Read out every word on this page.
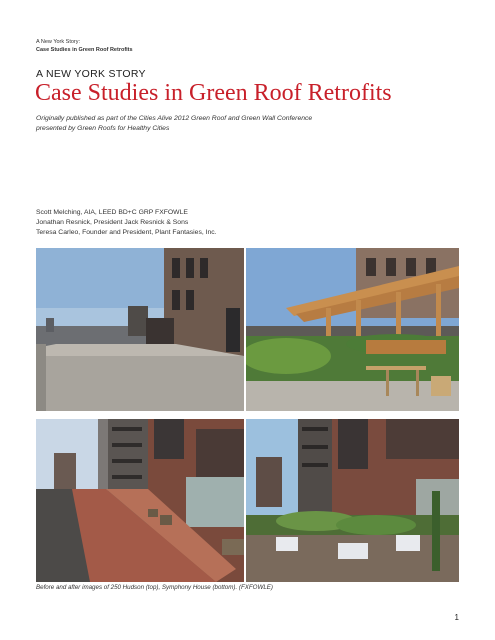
A New York Story:
Case Studies in Green Roof Retrofits
A NEW YORK STORY
Case Studies in Green Roof Retrofits
Originally published as part of the Cities Alive 2012 Green Roof and Green Wall Conference
presented by Green Roofs for Healthy Cities
Scott Melching, AIA, LEED BD+C GRP FXFOWLE
Jonathan Resnick, President Jack Resnick & Sons
Teresa Carleo, Founder and President, Plant Fantasies, Inc.
Before and after images of 250 Hudson (top), Symphony House (bottom). (FXFOWLE)
1
